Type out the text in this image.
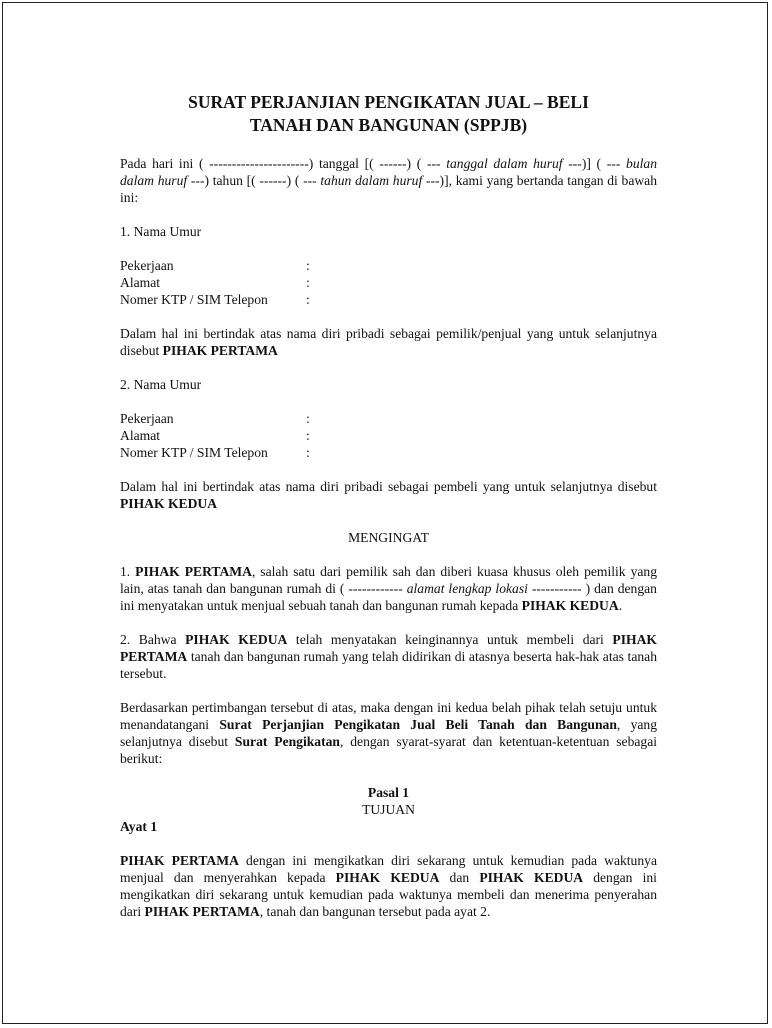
SURAT PERJANJIAN PENGIKATAN JUAL – BELI
TANAH DAN BANGUNAN (SPPJB)

Pada hari ini ( ----------------------) tanggal [( ------) ( --- tanggal dalam huruf ---)] ( --- bulan dalam huruf ---) tahun [( ------) ( --- tahun dalam huruf ---)], kami yang bertanda tangan di bawah ini:

1. Nama Umur

Pekerjaan	:
Alamat	:
Nomer KTP / SIM Telepon	:

Dalam hal ini bertindak atas nama diri pribadi sebagai pemilik/penjual yang untuk selanjutnya disebut PIHAK PERTAMA

2. Nama Umur

Pekerjaan	:
Alamat	:
Nomer KTP / SIM Telepon	:

Dalam hal ini bertindak atas nama diri pribadi sebagai pembeli yang untuk selanjutnya disebut PIHAK KEDUA

MENGINGAT

1. PIHAK PERTAMA, salah satu dari pemilik sah dan diberi kuasa khusus oleh pemilik yang lain, atas tanah dan bangunan rumah di ( ------------ alamat lengkap lokasi ----------- ) dan dengan ini menyatakan untuk menjual sebuah tanah dan bangunan rumah kepada PIHAK KEDUA.

2. Bahwa PIHAK KEDUA telah menyatakan keinginannya untuk membeli dari PIHAK PERTAMA tanah dan bangunan rumah yang telah didirikan di atasnya beserta hak-hak atas tanah tersebut.

Berdasarkan pertimbangan tersebut di atas, maka dengan ini kedua belah pihak telah setuju untuk menandatangani Surat Perjanjian Pengikatan Jual Beli Tanah dan Bangunan, yang selanjutnya disebut Surat Pengikatan, dengan syarat-syarat dan ketentuan-ketentuan sebagai berikut:

Pasal 1

TUJUAN

Ayat 1

PIHAK PERTAMA dengan ini mengikatkan diri sekarang untuk kemudian pada waktunya menjual dan menyerahkan kepada PIHAK KEDUA dan PIHAK KEDUA dengan ini mengikatkan diri sekarang untuk kemudian pada waktunya membeli dan menerima penyerahan dari PIHAK PERTAMA, tanah dan bangunan tersebut pada ayat 2.
